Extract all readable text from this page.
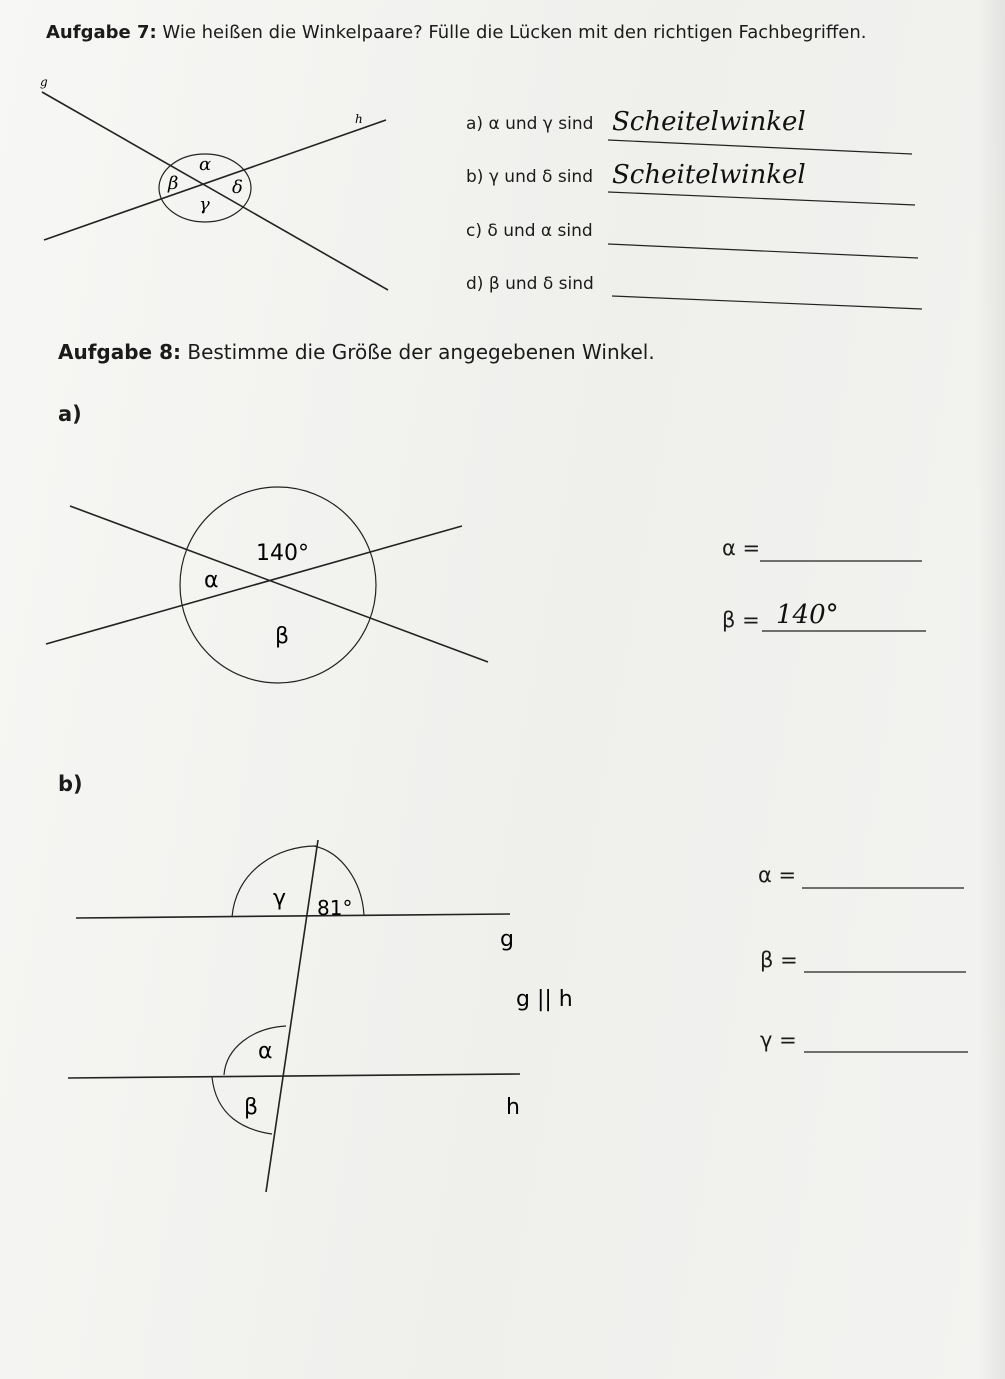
Aufgabe 7: Wie heißen die Winkelpaare? Fülle die Lücken mit den richtigen Fachbegriffen.
g
h
α
β	δ
γ
a) α und γ sind Scheitelwinkel
b) γ und δ sind Scheitelwinkel
c) δ und α sind
d) β und δ sind
Aufgabe 8: Bestimme die Größe der angegebenen Winkel.
a)
140°
α
β
α =
β = 140°
b)
γ 81°
α
β
g
g || h
h
α =
β =
γ =
